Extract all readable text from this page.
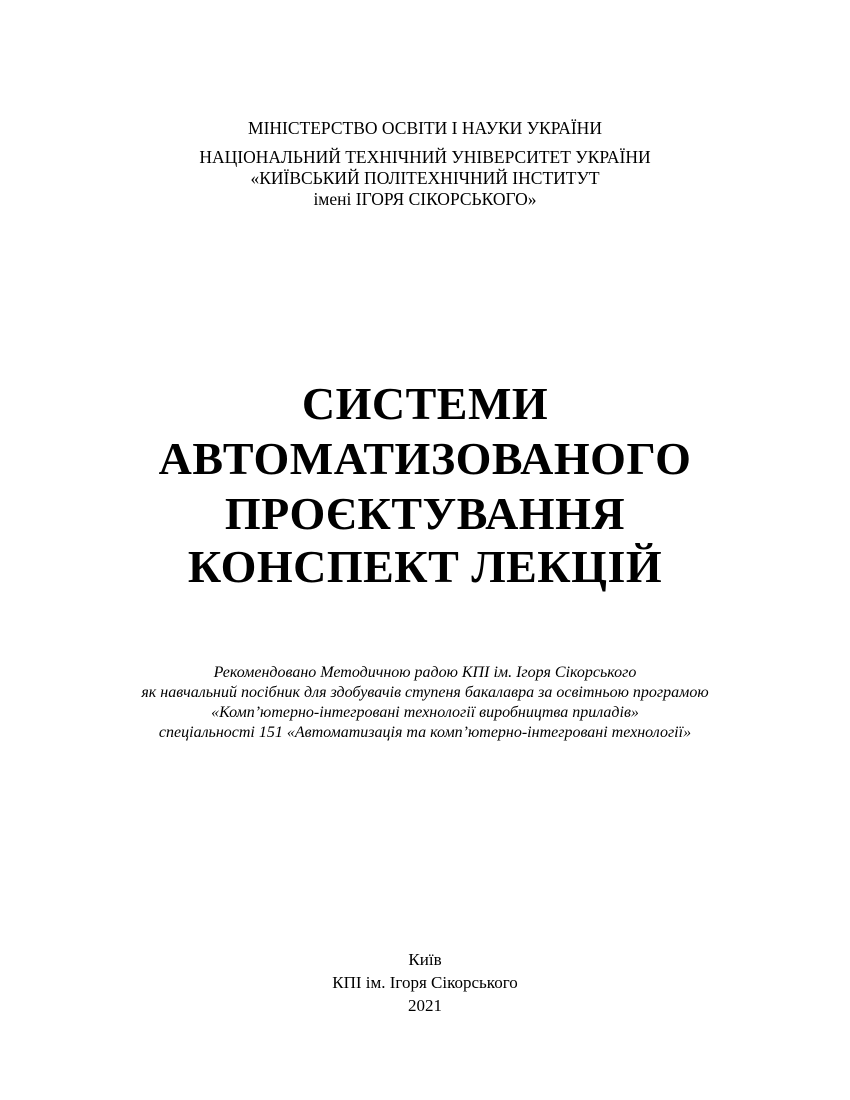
МІНІСТЕРСТВО ОСВІТИ І НАУКИ УКРАЇНИ
НАЦІОНАЛЬНИЙ ТЕХНІЧНИЙ УНІВЕРСИТЕТ УКРАЇНИ
«КИЇВСЬКИЙ ПОЛІТЕХНІЧНИЙ ІНСТИТУТ
імені ІГОРЯ СІКОРСЬКОГО»
СИСТЕМИ
АВТОМАТИЗОВАНОГО
ПРОЄКТУВАННЯ
КОНСПЕКТ ЛЕКЦІЙ
Рекомендовано Методичною радою КПІ ім. Ігоря Сікорського
як навчальний посібник для здобувачів ступеня бакалавра за освітньою програмою
«Комп’ютерно-інтегровані технології виробництва приладів»
спеціальності 151 «Автоматизація та комп’ютерно-інтегровані технології»
Київ
КПІ ім. Ігоря Сікорського
2021
